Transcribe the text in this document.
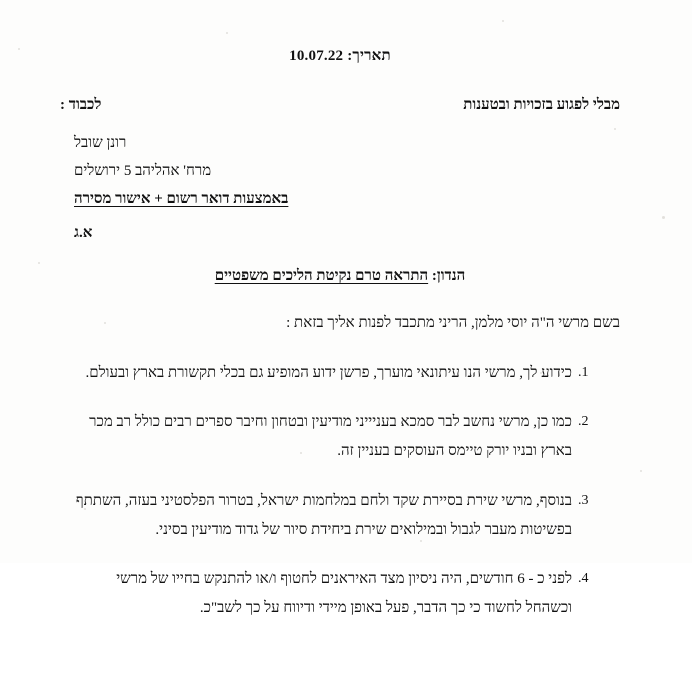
תאריך: 10.07.22
מבלי לפגוע בזכויות ובטענות
לכבוד :
רונן שובל
מרח' אהליהב 5 ירושלים
באמצעות דואר רשום + אישור מסירה
א.ג
הנדון: התראה טרם נקיטת הליכים משפטיים
בשם מרשי ה"ה יוסי מלמן, הריני מתכבד לפנות אליך בזאת :
1.
כידוע לך, מרשי הנו עיתונאי מוערך, פרשן ידוע המופיע גם בכלי תקשורת בארץ ובעולם.
2.
כמו כן, מרשי נחשב לבר סמכא בעניייני מודיעין ובטחון וחיבר ספרים רבים כולל רב מכר
בארץ ובניו יורק טיימס העוסקים בעניין זה.
3.
בנוסף, מרשי שירת בסיירת שקד ולחם במלחמות ישראל, בטרור הפלסטיני בעזה, השתתף
בפשיטות מעבר לגבול ובמילואים שירת ביחידת סיור של גדוד מודיעין בסיני.
4.
לפני כ - 6 חודשים, היה ניסיון מצד האיראנים לחטוף ו/או להתנקש בחייו של מרשי
וכשהחל לחשוד כי כך הדבר, פעל באופן מיידי ודיווח על כך לשב"כ.
